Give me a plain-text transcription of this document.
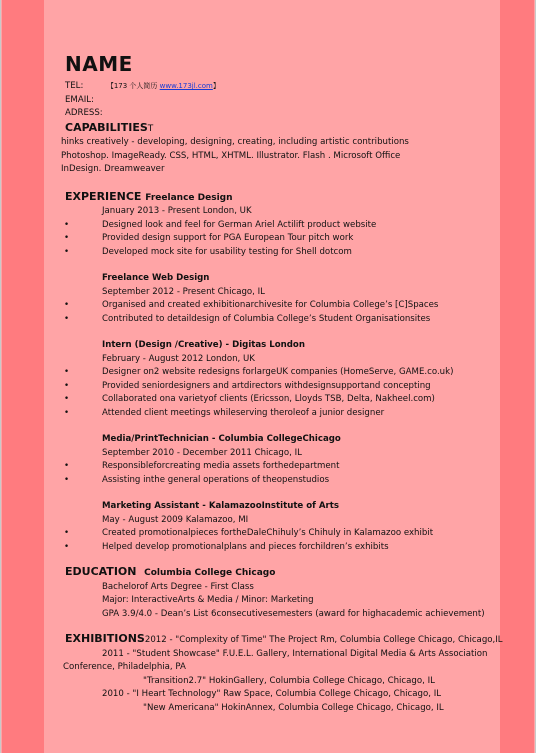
NAME
TEL:	【173 个人简历 www.173jl.com】
EMAIL:
ADRESS:
CAPABILITIEST
hinks creatively - developing, designing, creating, including artistic contributions
Photoshop. ImageReady. CSS, HTML, XHTML. Illustrator. Flash . Microsoft Office
InDesign. Dreamweaver
EXPERIENCE Freelance Design
January 2013 - Present London, UK
• Designed look and feel for German Ariel Actilift product website
• Provided design support for PGA European Tour pitch work
• Developed mock site for usability testing for Shell dotcom
Freelance Web Design
September 2012 - Present Chicago, IL
• Organised and created exhibitionarchivesite for Columbia College’s [C]Spaces
• Contributed to detaildesign of Columbia College’s Student Organisationsites
Intern (Design /Creative) - Digitas London
February - August 2012 London, UK
• Designer on2 website redesigns forlargeUK companies (HomeServe, GAME.co.uk)
• Provided seniordesigners and artdirectors withdesignsupportand concepting
• Collaborated ona varietyof clients (Ericsson, Lloyds TSB, Delta, Nakheel.com)
• Attended client meetings whileserving theroleof a junior designer
Media/PrintTechnician - Columbia CollegeChicago
September 2010 - December 2011 Chicago, IL
• Responsibleforcreating media assets forthedepartment
• Assisting inthe general operations of theopenstudios
Marketing Assistant - KalamazooInstitute of Arts
May - August 2009 Kalamazoo, MI
• Created promotionalpieces fortheDaleChihuly’s Chihuly in Kalamazoo exhibit
• Helped develop promotionalplans and pieces forchildren’s exhibits
EDUCATION Columbia College Chicago
Bachelorof Arts Degree - First Class
Major: InteractiveArts & Media / Minor: Marketing
GPA 3.9/4.0 - Dean’s List 6consecutivesemesters (award for highacademic achievement)
EXHIBITIONS2012 - "Complexity of Time" The Project Rm, Columbia College Chicago, Chicago,IL
2011 - "Student Showcase" F.U.E.L. Gallery, International Digital Media & Arts Association
Conference, Philadelphia, PA
"Transition2.7" HokinGallery, Columbia College Chicago, Chicago, IL
2010 - "I Heart Technology" Raw Space, Columbia College Chicago, Chicago, IL
"New Americana" HokinAnnex, Columbia College Chicago, Chicago, IL
